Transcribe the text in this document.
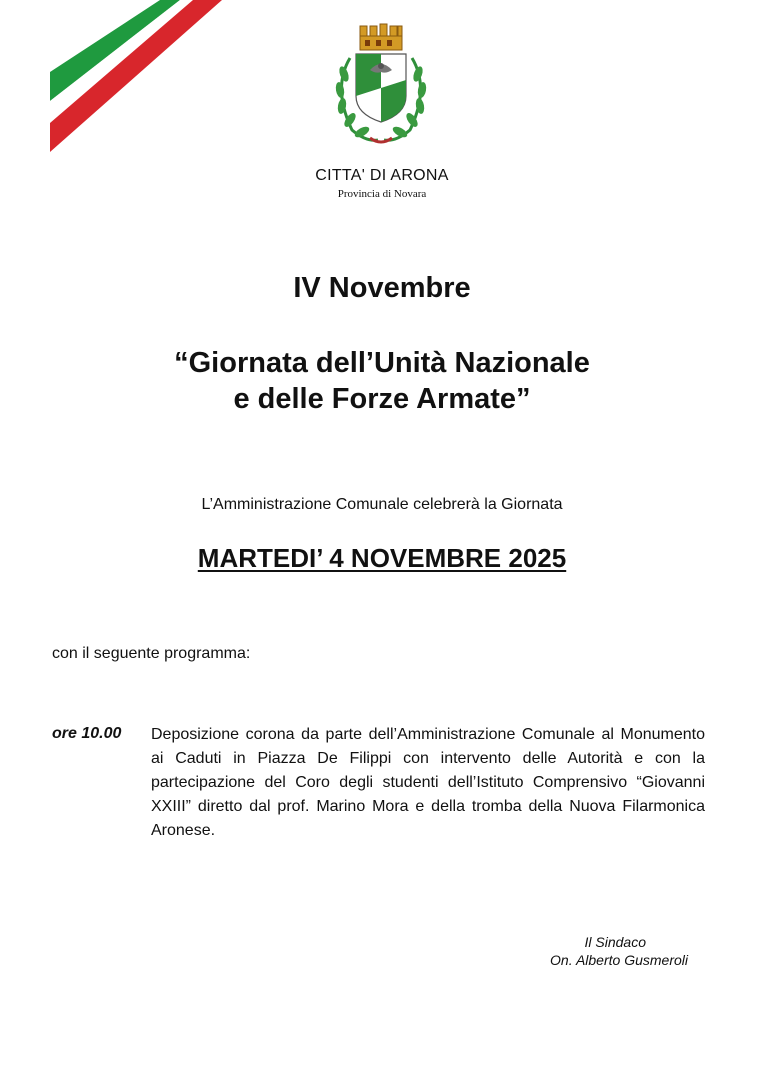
CITTA' DI ARONA
Provincia di Novara
IV Novembre
“Giornata dell’Unità Nazionale
e delle Forze Armate”
L’Amministrazione Comunale celebrerà la Giornata
MARTEDI’ 4 NOVEMBRE 2025
con il seguente programma:
ore 10.00 Deposizione corona da parte dell’Amministrazione Comunale al Monumento ai Caduti in Piazza De Filippi con intervento delle Autorità e con la partecipazione del Coro degli studenti dell’Istituto Comprensivo “Giovanni XXIII” diretto dal prof. Marino Mora e della tromba della Nuova Filarmonica Aronese.
Il Sindaco
On. Alberto Gusmeroli
